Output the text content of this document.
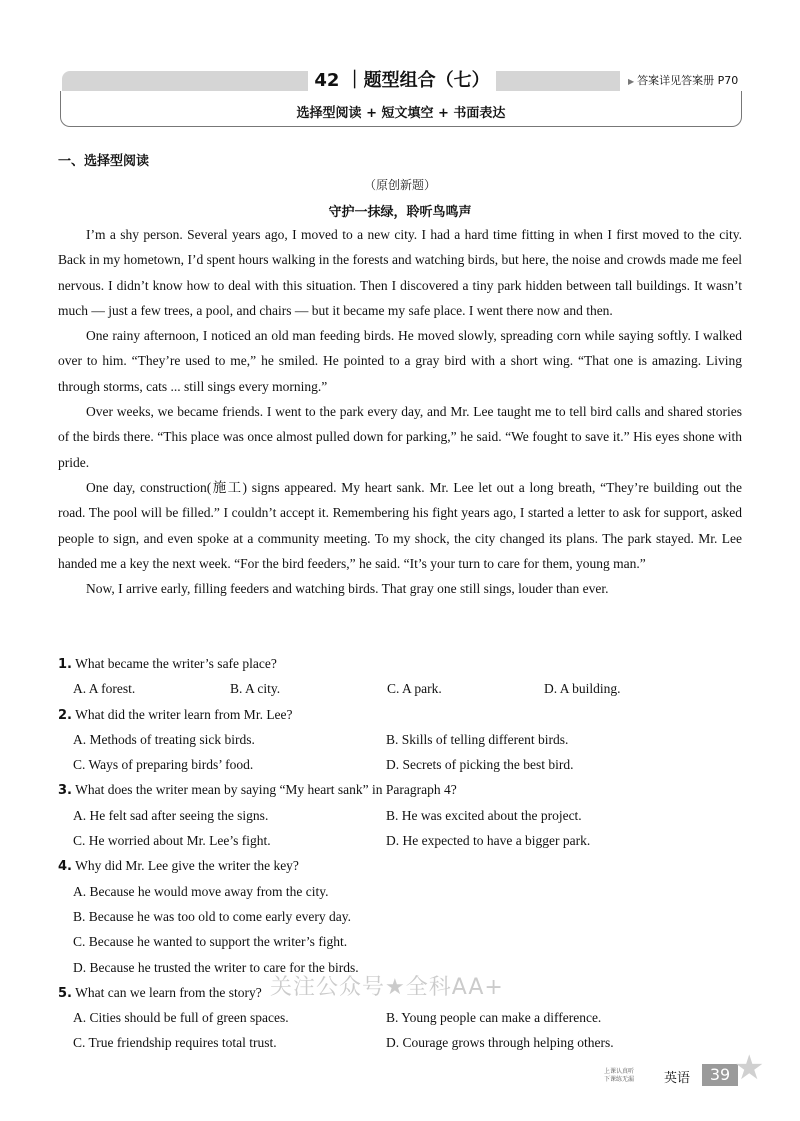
42 ｜题型组合（七）	▶ 答案详见答案册 P70
选择型阅读 + 短文填空 + 书面表达
一、选择型阅读
（原创新题）
守护一抹绿，聆听鸟鸣声

I’m a shy person. Several years ago, I moved to a new city. I had a hard time fitting in when I first moved to the city. Back in my hometown, I’d spent hours walking in the forests and watching birds, but here, the noise and crowds made me feel nervous. I didn’t know how to deal with this situation. Then I discovered a tiny park hidden between tall buildings. It wasn’t much — just a few trees, a pool, and chairs — but it became my safe place. I went there now and then.

One rainy afternoon, I noticed an old man feeding birds. He moved slowly, spreading corn while saying softly. I walked over to him. “They’re used to me,” he smiled. He pointed to a gray bird with a short wing. “That one is amazing. Living through storms, cats ... still sings every morning.”

Over weeks, we became friends. I went to the park every day, and Mr. Lee taught me to tell bird calls and shared stories of the birds there. “This place was once almost pulled down for parking,” he said. “We fought to save it.” His eyes shone with pride.

One day, construction(施工) signs appeared. My heart sank. Mr. Lee let out a long breath, “They’re building out the road. The pool will be filled.” I couldn’t accept it. Remembering his fight years ago, I started a letter to ask for support, asked people to sign, and even spoke at a community meeting. To my shock, the city changed its plans. The park stayed. Mr. Lee handed me a key the next week. “For the bird feeders,” he said. “It’s your turn to care for them, young man.”

Now, I arrive early, filling feeders and watching birds. That gray one still sings, louder than ever.

1. What became the writer’s safe place?
A. A forest.	B. A city.	C. A park.	D. A building.
2. What did the writer learn from Mr. Lee?
A. Methods of treating sick birds.	B. Skills of telling different birds.
C. Ways of preparing birds’ food.	D. Secrets of picking the best bird.
3. What does the writer mean by saying “My heart sank” in Paragraph 4?
A. He felt sad after seeing the signs.	B. He was excited about the project.
C. He worried about Mr. Lee’s fight.	D. He expected to have a bigger park.
4. Why did Mr. Lee give the writer the key?
A. Because he would move away from the city.
B. Because he was too old to come early every day.
C. Because he wanted to support the writer’s fight.
D. Because he trusted the writer to care for the birds.
5. What can we learn from the story?
A. Cities should be full of green spaces.	B. Young people can make a difference.
C. True friendship requires total trust.	D. Courage grows through helping others.
关注公众号★全科AA+
上课认真听
下课练无漏 英语	39 ★
